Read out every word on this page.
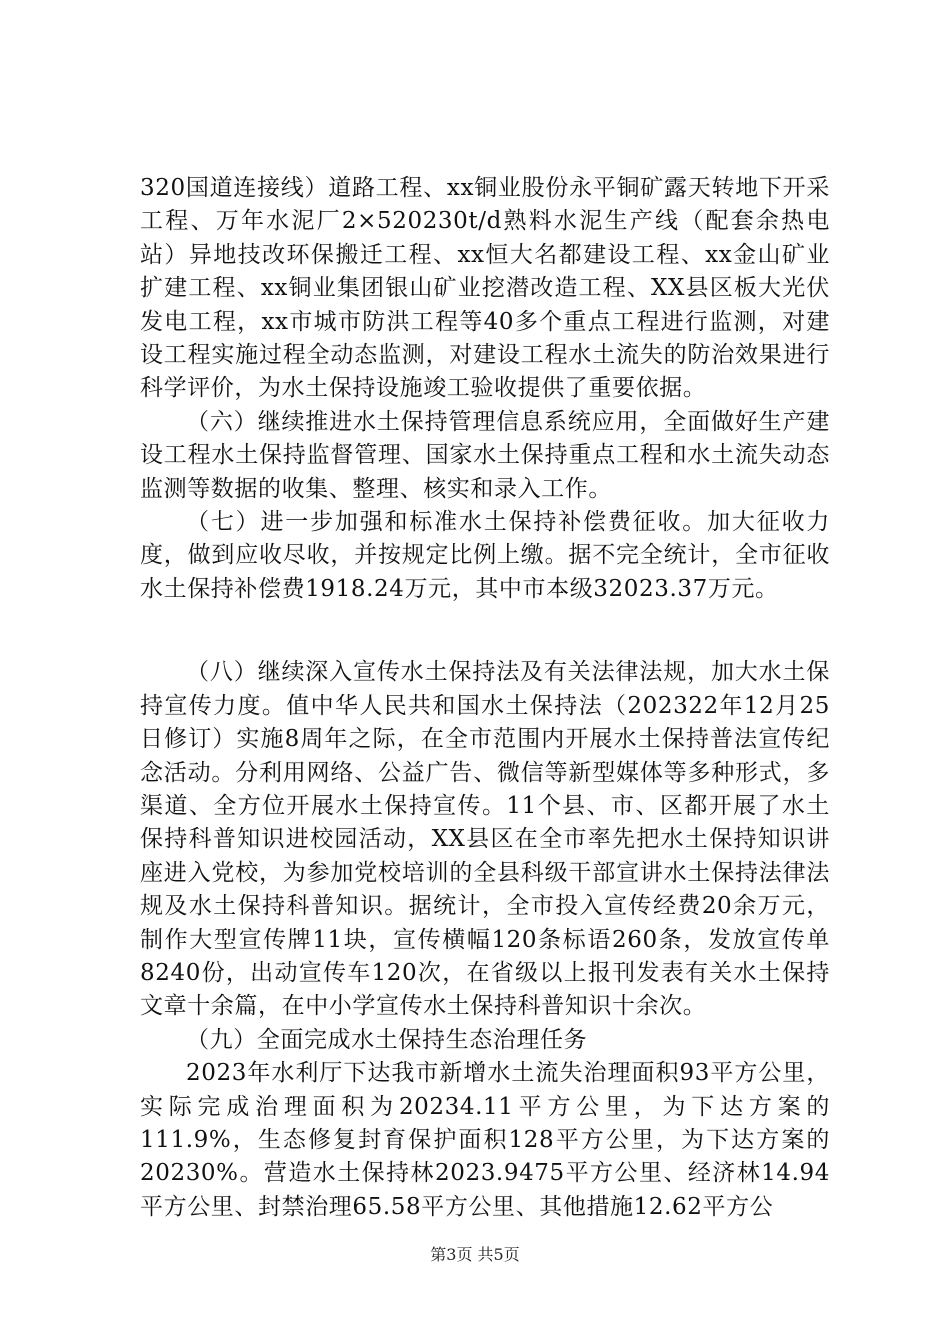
320国道连接线）道路工程、xx铜业股份永平铜矿露天转地下开采工程、万年水泥厂2×520230t/d熟料水泥生产线（配套余热电站）异地技改环保搬迁工程、xx恒大名都建设工程、xx金山矿业扩建工程、xx铜业集团银山矿业挖潜改造工程、XX县区板大光伏发电工程，xx市城市防洪工程等40多个重点工程进行监测，对建设工程实施过程全动态监测，对建设工程水土流失的防治效果进行科学评价，为水土保持设施竣工验收提供了重要依据。

（六）继续推进水土保持管理信息系统应用，全面做好生产建设工程水土保持监督管理、国家水土保持重点工程和水土流失动态监测等数据的收集、整理、核实和录入工作。

（七）进一步加强和标准水土保持补偿费征收。加大征收力度，做到应收尽收，并按规定比例上缴。据不完全统计，全市征收水土保持补偿费1918.24万元，其中市本级32023.37万元。

（八）继续深入宣传水土保持法及有关法律法规，加大水土保持宣传力度。值中华人民共和国水土保持法（202322年12月25日修订）实施8周年之际，在全市范围内开展水土保持普法宣传纪念活动。分利用网络、公益广告、微信等新型媒体等多种形式，多渠道、全方位开展水土保持宣传。11个县、市、区都开展了水土保持科普知识进校园活动，XX县区在全市率先把水土保持知识讲座进入党校，为参加党校培训的全县科级干部宣讲水土保持法律法规及水土保持科普知识。据统计，全市投入宣传经费20余万元，制作大型宣传牌11块，宣传横幅120条标语260条，发放宣传单8240份，出动宣传车120次，在省级以上报刊发表有关水土保持文章十余篇，在中小学宣传水土保持科普知识十余次。

（九）全面完成水土保持生态治理任务

2023年水利厅下达我市新增水土流失治理面积93平方公里，实际完成治理面积为20234.11平方公里，为下达方案的111.9%，生态修复封育保护面积128平方公里，为下达方案的20230%。营造水土保持林2023.9475平方公里、经济林14.94平方公里、封禁治理65.58平方公里、其他措施12.62平方公

第3页 共5页
